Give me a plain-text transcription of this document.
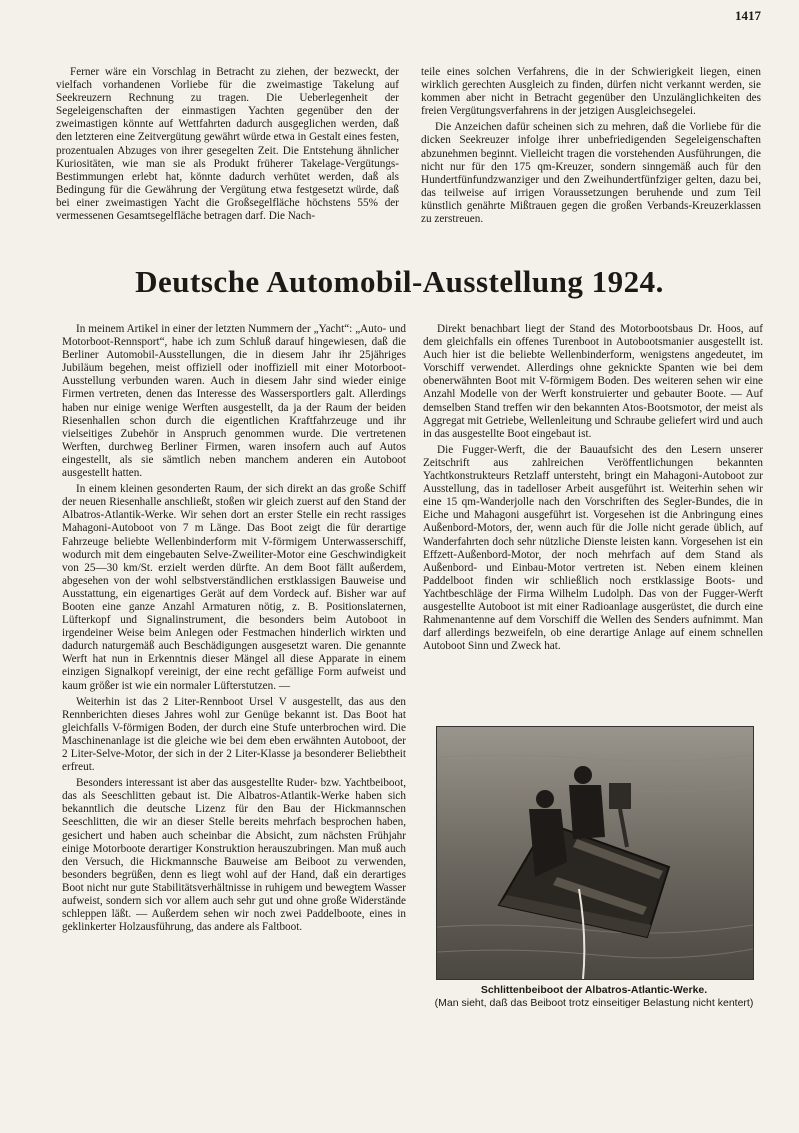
1417

Ferner wäre ein Vorschlag in Betracht zu ziehen, der bezweckt, der vielfach vorhandenen Vorliebe für die zweimastige Takelung auf Seekreuzern Rechnung zu tragen. Die Ueberlegenheit der Segeleigenschaften der einmastigen Yachten gegenüber den der zweimastigen könnte auf Wettfahrten dadurch ausgeglichen werden, daß den letzteren eine Zeitvergütung gewährt würde etwa in Gestalt eines festen, prozentualen Abzuges von ihrer gesegelten Zeit. Die Entstehung ähnlicher Kuriositäten, wie man sie als Produkt früherer Takelage-Vergütungs-Bestimmungen erlebt hat, könnte dadurch verhütet werden, daß als Bedingung für die Gewährung der Vergütung etwa festgesetzt würde, daß bei einer zweimastigen Yacht die Großsegelfläche höchstens 55% der vermessenen Gesamtsegelfläche betragen darf. Die Nach-

teile eines solchen Verfahrens, die in der Schwierigkeit liegen, einen wirklich gerechten Ausgleich zu finden, dürfen nicht verkannt werden, sie kommen aber nicht in Betracht gegenüber den Unzulänglichkeiten des freien Vergütungsverfahrens in der jetzigen Ausgleichsegelei.

Die Anzeichen dafür scheinen sich zu mehren, daß die Vorliebe für die dicken Seekreuzer infolge ihrer unbefriedigenden Segeleigenschaften abzunehmen beginnt. Vielleicht tragen die vorstehenden Ausführungen, die nicht nur für den 175 qm-Kreuzer, sondern sinngemäß auch für den Hundertfünfundzwanziger und den Zweihundertfünfziger gelten, dazu bei, das teilweise auf irrigen Voraussetzungen beruhende und zum Teil künstlich genährte Mißtrauen gegen die großen Verbands-Kreuzerklassen zu zerstreuen.

Deutsche Automobil-Ausstellung 1924.

In meinem Artikel in einer der letzten Nummern der „Yacht“: „Auto- und Motorboot-Rennsport“, habe ich zum Schluß darauf hingewiesen, daß die Berliner Automobil-Ausstellungen, die in diesem Jahr ihr 25jähriges Jubiläum begehen, meist offiziell oder inoffiziell mit einer Motorboot-Ausstellung verbunden waren. Auch in diesem Jahr sind wieder einige Firmen vertreten, denen das Interesse des Wassersportlers galt. Allerdings haben nur einige wenige Werften ausgestellt, da ja der Raum der beiden Riesenhallen schon durch die eigentlichen Kraftfahrzeuge und ihr vielseitiges Zubehör in Anspruch genommen wurde. Die vertretenen Werften, durchweg Berliner Firmen, waren insofern auch auf Autos eingestellt, als sie sämtlich neben manchem anderen ein Autoboot ausgestellt hatten.

In einem kleinen gesonderten Raum, der sich direkt an das große Schiff der neuen Riesenhalle anschließt, stoßen wir gleich zuerst auf den Stand der Albatros-Atlantik-Werke. Wir sehen dort an erster Stelle ein recht rassiges Mahagoni-Autoboot von 7 m Länge. Das Boot zeigt die für derartige Fahrzeuge beliebte Wellenbinderform mit V-förmigem Unterwasserschiff, wodurch mit dem eingebauten Selve-Zweiliter-Motor eine Geschwindigkeit von 25—30 km/St. erzielt werden dürfte. An dem Boot fällt außerdem, abgesehen von der wohl selbstverständlichen erstklassigen Bauweise und Ausstattung, ein eigenartiges Gerät auf dem Vordeck auf. Bisher war auf Booten eine ganze Anzahl Armaturen nötig, z. B. Positionslaternen, Lüfterkopf und Signalinstrument, die besonders beim Autoboot in irgendeiner Weise beim Anlegen oder Festmachen hinderlich wirkten und dadurch naturgemäß auch Beschädigungen ausgesetzt waren. Die genannte Werft hat nun in Erkenntnis dieser Mängel all diese Apparate in einem einzigen Signalkopf vereinigt, der eine recht gefällige Form aufweist und kaum größer ist wie ein normaler Lüfterstutzen. —

Weiterhin ist das 2 Liter-Rennboot Ursel V ausgestellt, das aus den Rennberichten dieses Jahres wohl zur Genüge bekannt ist. Das Boot hat gleichfalls V-förmigen Boden, der durch eine Stufe unterbrochen wird. Die Maschinenanlage ist die gleiche wie bei dem eben erwähnten Autoboot, der 2 Liter-Selve-Motor, der sich in der 2 Liter-Klasse ja besonderer Beliebtheit erfreut.

Besonders interessant ist aber das ausgestellte Ruder- bzw. Yachtbeiboot, das als Seeschlitten gebaut ist. Die Albatros-Atlantik-Werke haben sich bekanntlich die deutsche Lizenz für den Bau der Hickmannschen Seeschlitten, die wir an dieser Stelle bereits mehrfach besprochen haben, gesichert und haben auch scheinbar die Absicht, zum nächsten Frühjahr einige Motorboote derartiger Konstruktion herauszubringen. Man muß auch den Versuch, die Hickmannsche Bauweise am Beiboot zu verwenden, besonders begrüßen, denn es liegt wohl auf der Hand, daß ein derartiges Boot nicht nur gute Stabilitätsverhältnisse in ruhigem und bewegtem Wasser aufweist, sondern sich vor allem auch sehr gut und ohne große Widerstände schleppen läßt. — Außerdem sehen wir noch zwei Paddelboote, eines in geklinkerter Holzausführung, das andere als Faltboot.

Direkt benachbart liegt der Stand des Motorbootsbaus Dr. Hoos, auf dem gleichfalls ein offenes Turenboot in Autobootsmanier ausgestellt ist. Auch hier ist die beliebte Wellenbinderform, wenigstens angedeutet, im Vorschiff verwendet. Allerdings ohne geknickte Spanten wie bei dem obenerwähnten Boot mit V-förmigem Boden. Des weiteren sehen wir eine Anzahl Modelle von der Werft konstruierter und gebauter Boote. — Auf demselben Stand treffen wir den bekannten Atos-Bootsmotor, der meist als Aggregat mit Getriebe, Wellenleitung und Schraube geliefert wird und auch in das ausgestellte Boot eingebaut ist.

Die Fugger-Werft, die der Bauaufsicht des den Lesern unserer Zeitschrift aus zahlreichen Veröffentlichungen bekannten Yachtkonstrukteurs Retzlaff untersteht, bringt ein Mahagoni-Autoboot zur Ausstellung, das in tadelloser Arbeit ausgeführt ist. Weiterhin sehen wir eine 15 qm-Wanderjolle nach den Vorschriften des Segler-Bundes, die in Eiche und Mahagoni ausgeführt ist. Vorgesehen ist die Anbringung eines Außenbord-Motors, der, wenn auch für die Jolle nicht gerade üblich, auf Wanderfahrten doch sehr nützliche Dienste leisten kann. Vorgesehen ist ein Effzett-Außenbord-Motor, der noch mehrfach auf dem Stand als Außenbord- und Einbau-Motor vertreten ist. Neben einem kleinen Paddelboot finden wir schließlich noch erstklassige Boots- und Yachtbeschläge der Firma Wilhelm Ludolph. Das von der Fugger-Werft ausgestellte Autoboot ist mit einer Radioanlage ausgerüstet, die durch eine Rahmenantenne auf dem Vorschiff die Wellen des Senders aufnimmt. Man darf allerdings bezweifeln, ob eine derartige Anlage auf einem schnellen Autoboot Sinn und Zweck hat.

Schlittenbeiboot der Albatros-Atlantic-Werke.
(Man sieht, daß das Beiboot trotz einseitiger Belastung nicht kentert)
